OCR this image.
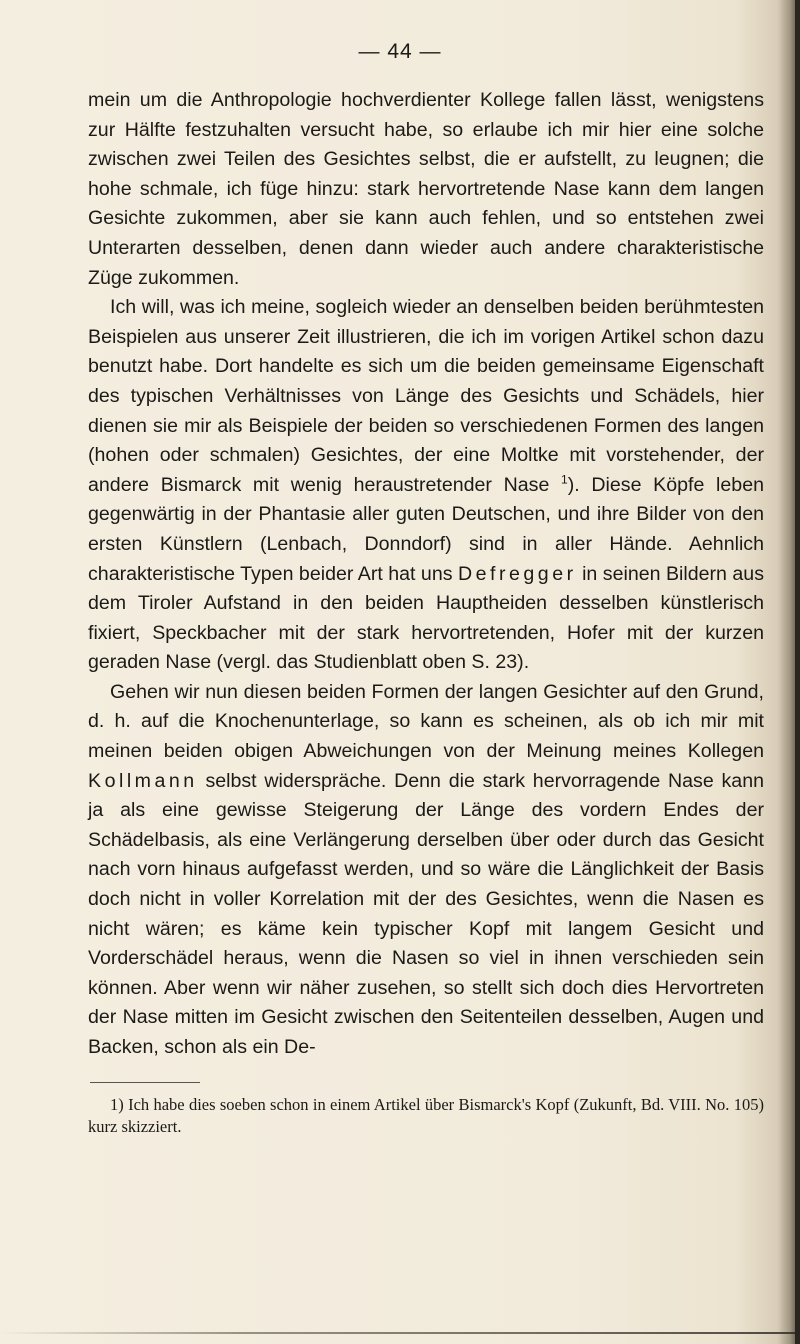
— 44 —

mein um die Anthropologie hochverdienter Kollege fallen lässt, wenigstens zur Hälfte festzuhalten versucht habe, so erlaube ich mir hier eine solche zwischen zwei Teilen des Gesichtes selbst, die er aufstellt, zu leugnen; die hohe schmale, ich füge hinzu: stark hervortretende Nase kann dem langen Gesichte zukommen, aber sie kann auch fehlen, und so entstehen zwei Unterarten desselben, denen dann wieder auch andere charakteristische Züge zukommen.

Ich will, was ich meine, sogleich wieder an denselben beiden berühmtesten Beispielen aus unserer Zeit illustrieren, die ich im vorigen Artikel schon dazu benutzt habe. Dort handelte es sich um die beiden gemeinsame Eigenschaft des typischen Verhältnisses von Länge des Gesichts und Schädels, hier dienen sie mir als Beispiele der beiden so verschiedenen Formen des langen (hohen oder schmalen) Gesichtes, der eine Moltke mit vorstehender, der andere Bismarck mit wenig heraustretender Nase $^1$). Diese Köpfe leben gegenwärtig in der Phantasie aller guten Deutschen, und ihre Bilder von den ersten Künstlern (Lenbach, Donndorf) sind in aller Hände. Aehnlich charakteristische Typen beider Art hat uns Defregger in seinen Bildern aus dem Tiroler Aufstand in den beiden Hauptheiden desselben künstlerisch fixiert, Speckbacher mit der stark hervortretenden, Hofer mit der kurzen geraden Nase (vergl. das Studienblatt oben S. 23).

Gehen wir nun diesen beiden Formen der langen Gesichter auf den Grund, d. h. auf die Knochenunterlage, so kann es scheinen, als ob ich mir mit meinen beiden obigen Abweichungen von der Meinung meines Kollegen Kollmann selbst widerspräche. Denn die stark hervorragende Nase kann ja als eine gewisse Steigerung der Länge des vordern Endes der Schädelbasis, als eine Verlängerung derselben über oder durch das Gesicht nach vorn hinaus aufgefasst werden, und so wäre die Länglichkeit der Basis doch nicht in voller Korrelation mit der des Gesichtes, wenn die Nasen es nicht wären; es käme kein typischer Kopf mit langem Gesicht und Vorderschädel heraus, wenn die Nasen so viel in ihnen verschieden sein können. Aber wenn wir näher zusehen, so stellt sich doch dies Hervortreten der Nase mitten im Gesicht zwischen den Seitenteilen desselben, Augen und Backen, schon als ein De-

1) Ich habe dies soeben schon in einem Artikel über Bismarck's Kopf (Zukunft, Bd. VIII. No. 105) kurz skizziert.
